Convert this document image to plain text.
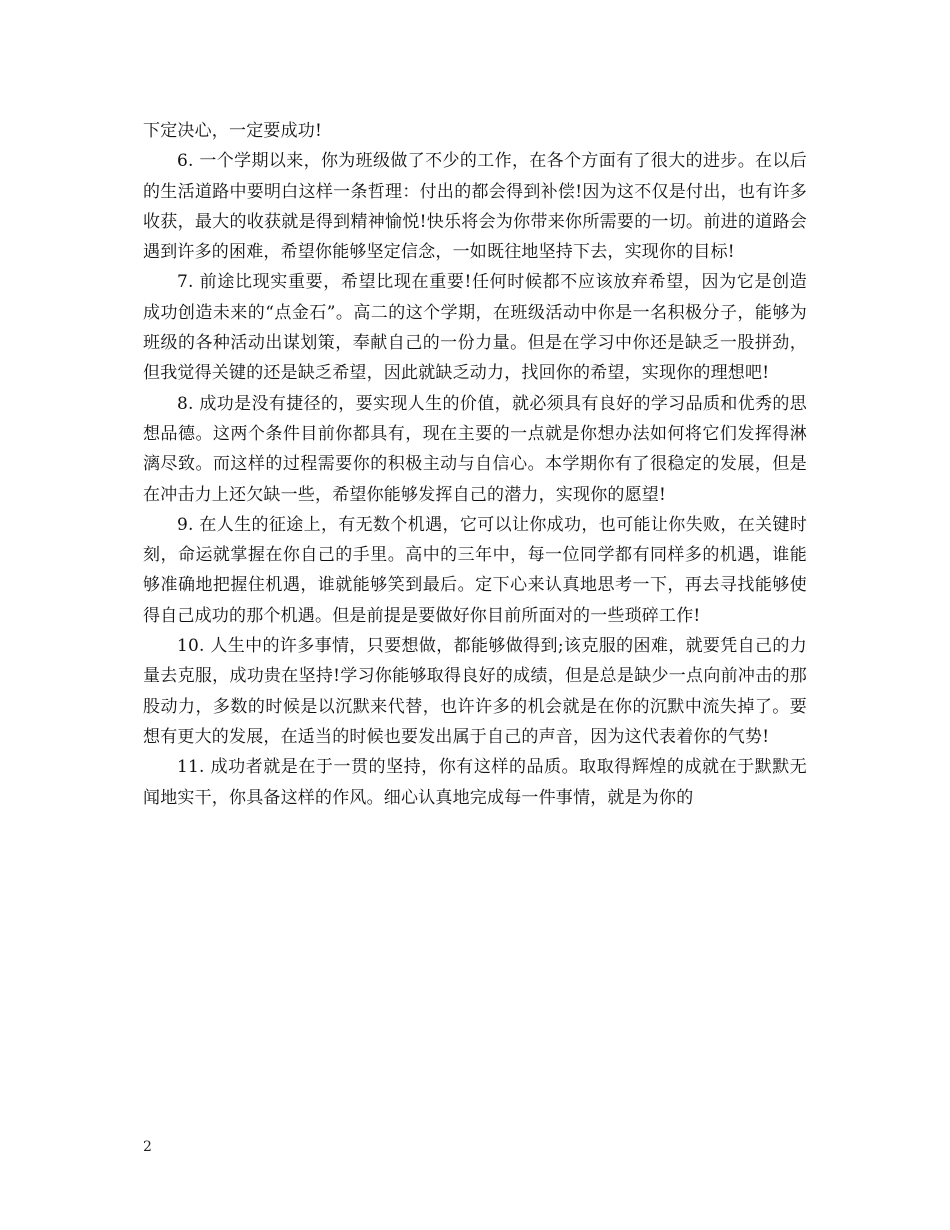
下定决心，一定要成功!

6. 一个学期以来，你为班级做了不少的工作，在各个方面有了很大的进步。在以后的生活道路中要明白这样一条哲理：付出的都会得到补偿!因为这不仅是付出，也有许多收获，最大的收获就是得到精神愉悦!快乐将会为你带来你所需要的一切。前进的道路会遇到许多的困难，希望你能够坚定信念，一如既往地坚持下去，实现你的目标!

7. 前途比现实重要，希望比现在重要!任何时候都不应该放弃希望，因为它是创造成功创造未来的“点金石”。高二的这个学期，在班级活动中你是一名积极分子，能够为班级的各种活动出谋划策，奉献自己的一份力量。但是在学习中你还是缺乏一股拼劲，但我觉得关键的还是缺乏希望，因此就缺乏动力，找回你的希望，实现你的理想吧!

8. 成功是没有捷径的，要实现人生的价值，就必须具有良好的学习品质和优秀的思想品德。这两个条件目前你都具有，现在主要的一点就是你想办法如何将它们发挥得淋漓尽致。而这样的过程需要你的积极主动与自信心。本学期你有了很稳定的发展，但是在冲击力上还欠缺一些，希望你能够发挥自己的潜力，实现你的愿望!

9. 在人生的征途上，有无数个机遇，它可以让你成功，也可能让你失败，在关键时刻，命运就掌握在你自己的手里。高中的三年中，每一位同学都有同样多的机遇，谁能够准确地把握住机遇，谁就能够笑到最后。定下心来认真地思考一下，再去寻找能够使得自己成功的那个机遇。但是前提是要做好你目前所面对的一些琐碎工作!

10. 人生中的许多事情，只要想做，都能够做得到;该克服的困难，就要凭自己的力量去克服，成功贵在坚持!学习你能够取得良好的成绩，但是总是缺少一点向前冲击的那股动力，多数的时候是以沉默来代替，也许许多的机会就是在你的沉默中流失掉了。要想有更大的发展，在适当的时候也要发出属于自己的声音，因为这代表着你的气势!

11. 成功者就是在于一贯的坚持，你有这样的品质。取取得辉煌的成就在于默默无闻地实干，你具备这样的作风。细心认真地完成每一件事情，就是为你的

2
